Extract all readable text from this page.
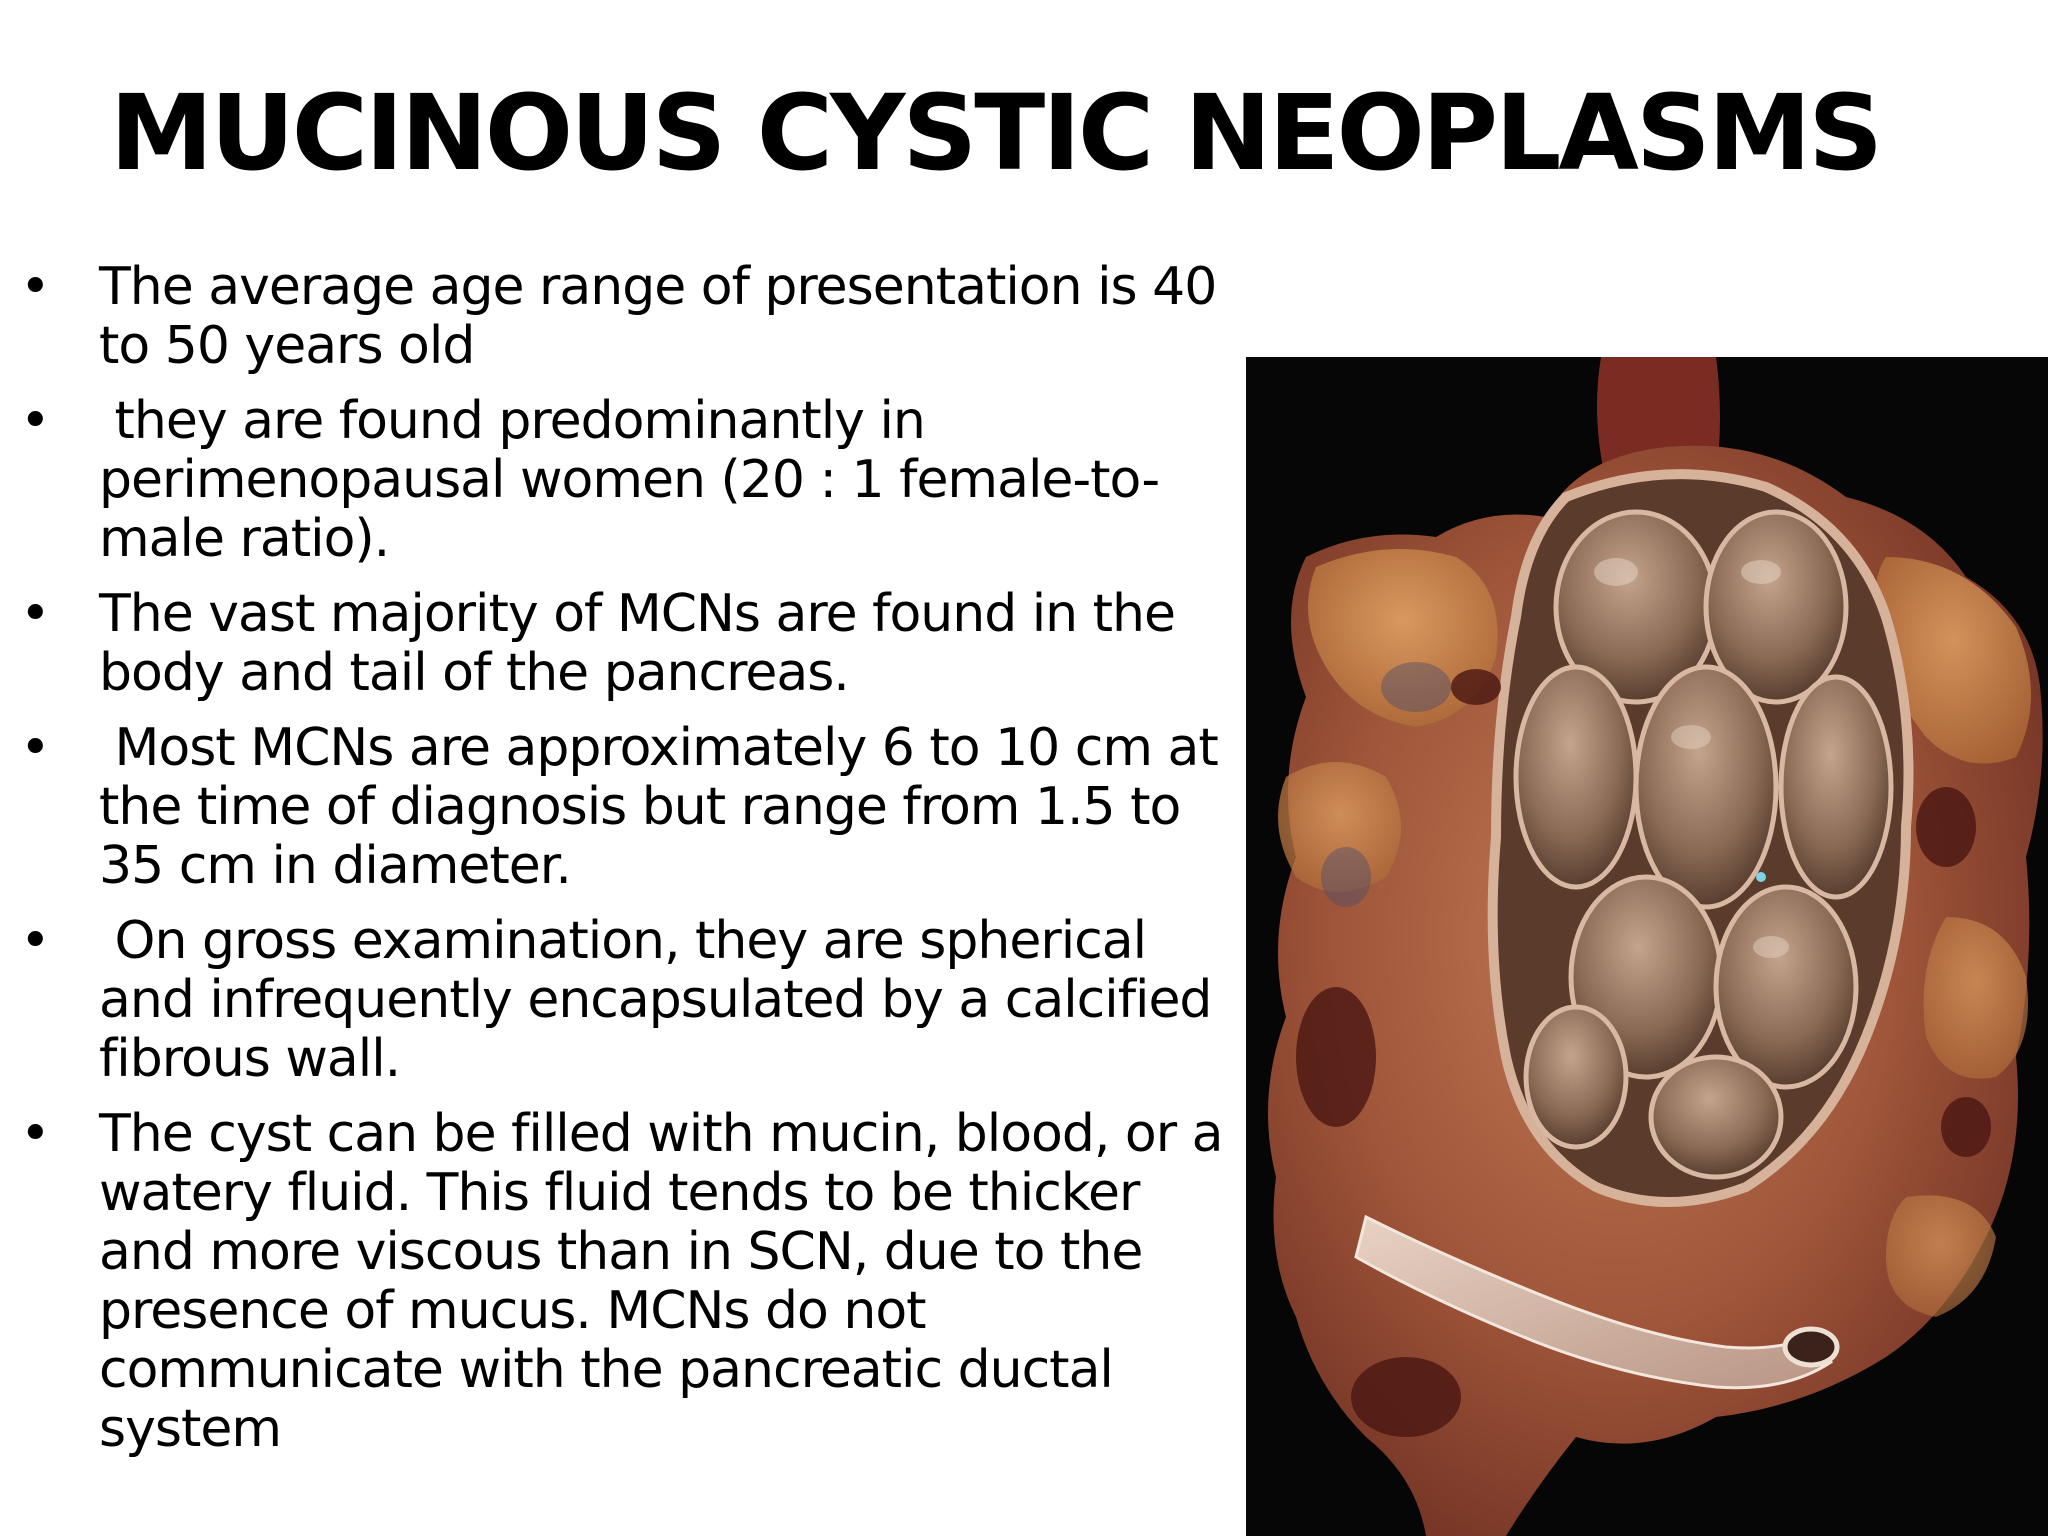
MUCINOUS CYSTIC NEOPLASMS
• The average age range of presentation is 40 to 50 years old
• they are found predominantly in perimenopausal women (20 : 1 female-to-male ratio).
• The vast majority of MCNs are found in the body and tail of the pancreas.
• Most MCNs are approximately 6 to 10 cm at the time of diagnosis but range from 1.5 to 35 cm in diameter.
• On gross examination, they are spherical and infrequently encapsulated by a calcified fibrous wall.
• The cyst can be filled with mucin, blood, or a watery fluid. This fluid tends to be thicker and more viscous than in SCN, due to the presence of mucus. MCNs do not communicate with the pancreatic ductal system
